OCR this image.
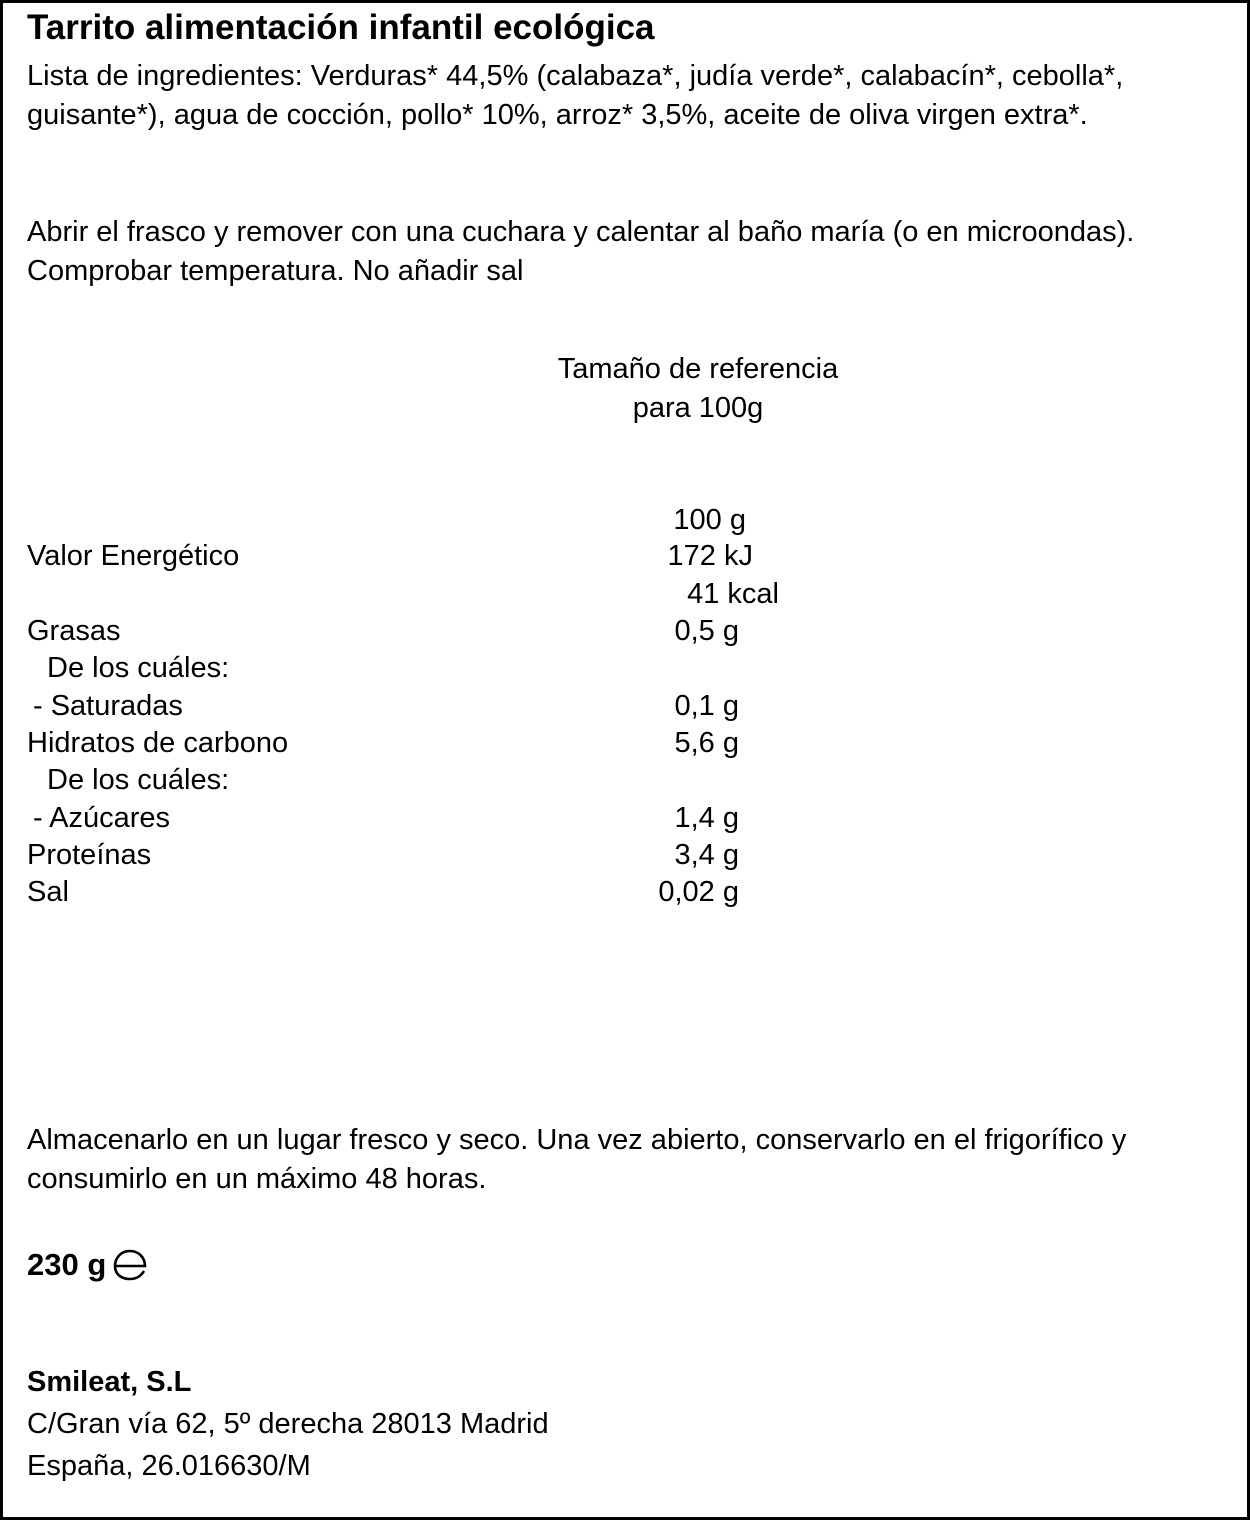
Tarrito alimentación infantil ecológica
Lista de ingredientes: Verduras* 44,5% (calabaza*, judía verde*, calabacín*, cebolla*, guisante*), agua de cocción, pollo* 10%, arroz* 3,5%, aceite de oliva virgen extra*.
Abrir el frasco y remover con una cuchara y calentar al baño maría (o en microondas). Comprobar temperatura. No añadir sal
Tamaño de referencia
para 100g
100 g
Valor Energético	172 kJ
41 kcal
Grasas	0,5 g
De los cuáles:
- Saturadas	0,1 g
Hidratos de carbono	5,6 g
De los cuáles:
- Azúcares	1,4 g
Proteínas	3,4 g
Sal	0,02 g
Almacenarlo en un lugar fresco y seco. Una vez abierto, conservarlo en el frigorífico y consumirlo en un máximo 48 horas.
230 g
Smileat, S.L
C/Gran vía 62, 5º derecha 28013 Madrid
España, 26.016630/M
